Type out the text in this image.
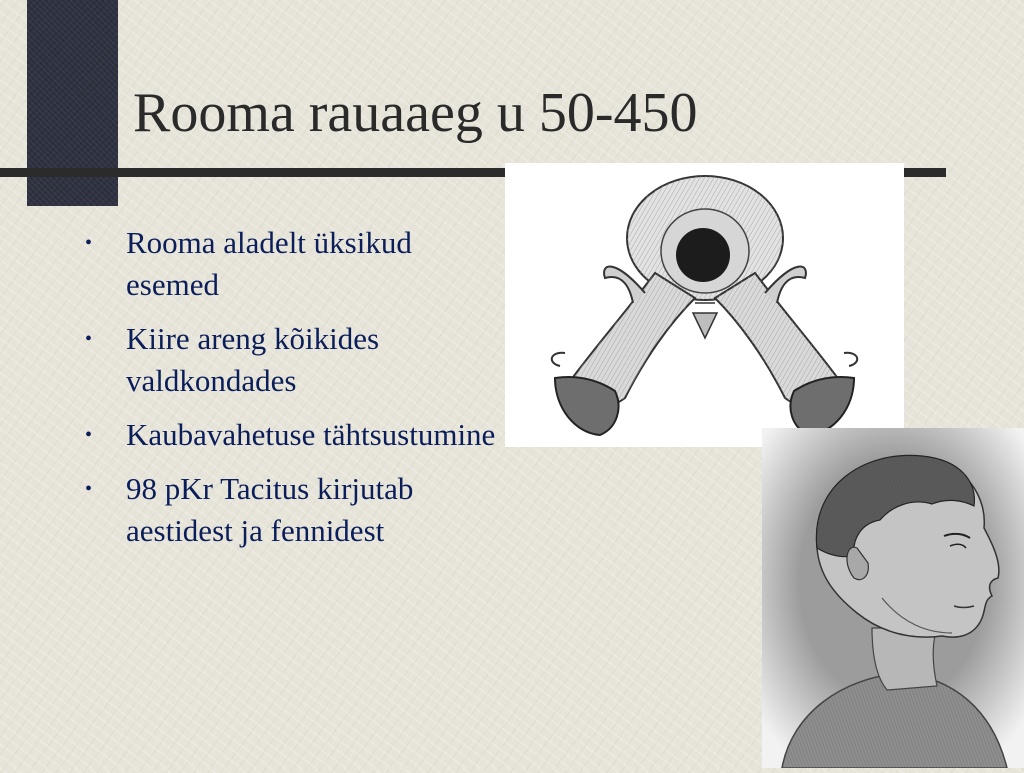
Rooma rauaaeg u 50-450
• Rooma aladelt üksikud esemed
• Kiire areng kõikides valdkondades
• Kaubavahetuse tähtsustumine
• 98 pKr Tacitus kirjutab aestidest ja fennidest
